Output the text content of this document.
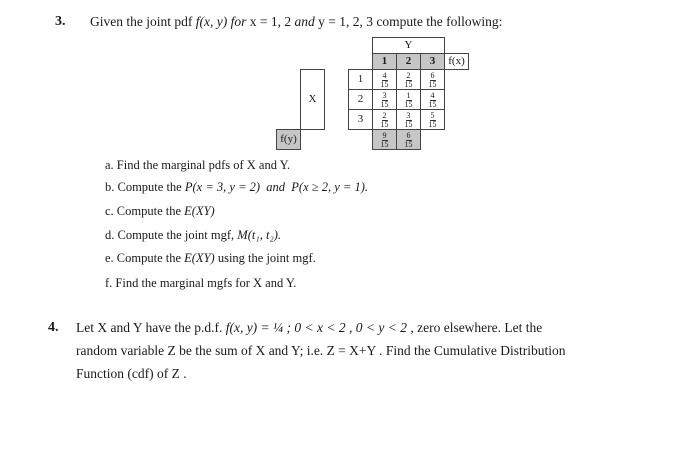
3. Given the joint pdf f(x, y) for x = 1, 2 and y = 1, 2, 3 compute the following:
				Y			
				1	2	3	f(x)
	X		1	$\frac{4}{15}$	$\frac{2}{15}$	$\frac{6}{15}$

			2	$\frac{3}{15}$	$\frac{1}{15}$	$\frac{4}{15}$

			3	$\frac{2}{15}$	$\frac{3}{15}$	$\frac{5}{15}$

f(y)				$\frac{9}{15}$	$\frac{6}{15}$

a. Find the marginal pdfs of X and Y.
b. Compute the P(x = 3, y = 2) and P(x ≥ 2, y = 1).
c. Compute the E(XY)
d. Compute the joint mgf, M(t₁, t₂).
e. Compute the E(XY) using the joint mgf.
f. Find the marginal mgfs for X and Y.
4. Let X and Y have the p.d.f. f(x, y) = ¼ ; 0 < x < 2 , 0 < y < 2 , zero elsewhere. Let the
random variable Z be the sum of X and Y; i.e. Z = X+Y . Find the Cumulative Distribution
Function (cdf) of Z .
